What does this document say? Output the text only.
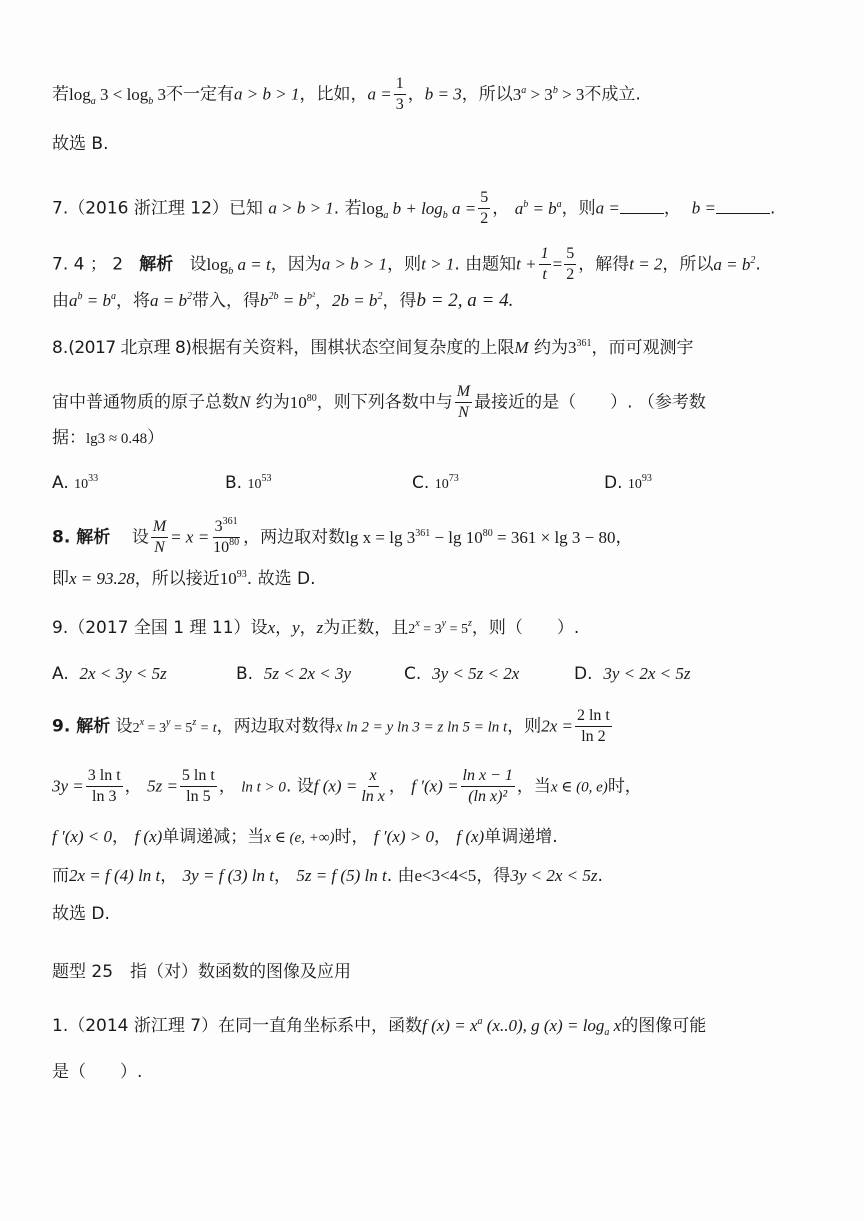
若$\log_a 3 < \log_b 3$不一定有a > b > 1，比如，$a = \frac{1}{3}$ ，b = 3，所以$3^a > 3^b > 3$不成立.
故选 B.
7.（2016 浙江理 12）已知 a > b > 1. 若$\log_a b + \log_b a = \frac{5}{2}$ ， $a^b = b^a$，则a =	， b =	.
7. 4 ； 2 解析 设$\log_b a = t$，因为a > b > 1，则t > 1. 由题知$t + \frac{1}{t} = \frac{5}{2}$ ，解得t = 2，所以$a = b^2$.
由$a^b = b^a$，将$a = b^2$带入，得$b^{2b} = b^{b^2}$，$2b = b^2$，得b = 2, a = 4.
8.(2017 北京理 8)根据有关资料，围棋状态空间复杂度的上限M 约为$3^{361}$，而可观测宇
宙中普通物质的原子总数N 约为$10^{80}$，则下列各数中与 $\frac{M}{N}$ 最接近的是（　　）. （参考数
据：lg3 ≈ 0.48）
A. $10^{33}$	B. $10^{53}$	C. $10^{73}$	D. $10^{93}$
8. 解析 设 $\frac{M}{N} = x = \frac{3^{361}}{10^{80}}$ ，两边取对数$\lg x = \lg 3^{361} - \lg 10^{80} = 361 \times \lg 3 - 80$，
即x = 93.28，所以接近$10^{93}$. 故选 D.
9.（2017 全国 1 理 11）设x，y，z为正数，且$2^x = 3^y = 5^z$，则（　　）.
A. 2x < 3y < 5z	B. 5z < 2x < 3y	C. 3y < 5z < 2x	D. 3y < 2x < 5z
9. 解析 设$2^x = 3^y = 5^z = t$，两边取对数得x ln 2 = y ln 3 = z ln 5 = ln t，则$2x = \frac{\text{2 ln t}}{\ln 2}$
$3y = \frac{\text{3 ln t}}{\ln 3}$ ， $5z = \frac{\text{5 ln t}}{\ln 5}$ ， ln t > 0. 设f $(x) = \frac{x}{\text{ln x}}$ ， f $'(x) = \frac{\text{ln x − 1}}{\text{(ln x)²}}$ ，当x ∈ (0, e)时，
f ′(x) < 0， f (x)单调递减；当x ∈ (e, +∞)时， f ′(x) > 0， f (x)单调递增.
而2x = f (4) ln t， 3y = f (3) ln t， 5z = f (5) ln t. 由e<3<4<5，得3y < 2x < 5z.
故选 D.
题型 25　指（对）数函数的图像及应用
1.（2014 浙江理 7）在同一直角坐标系中，函数f $(x) = x^a$ (x..0), g $(x) = \log_a x$的图像可能
是（　　）.
